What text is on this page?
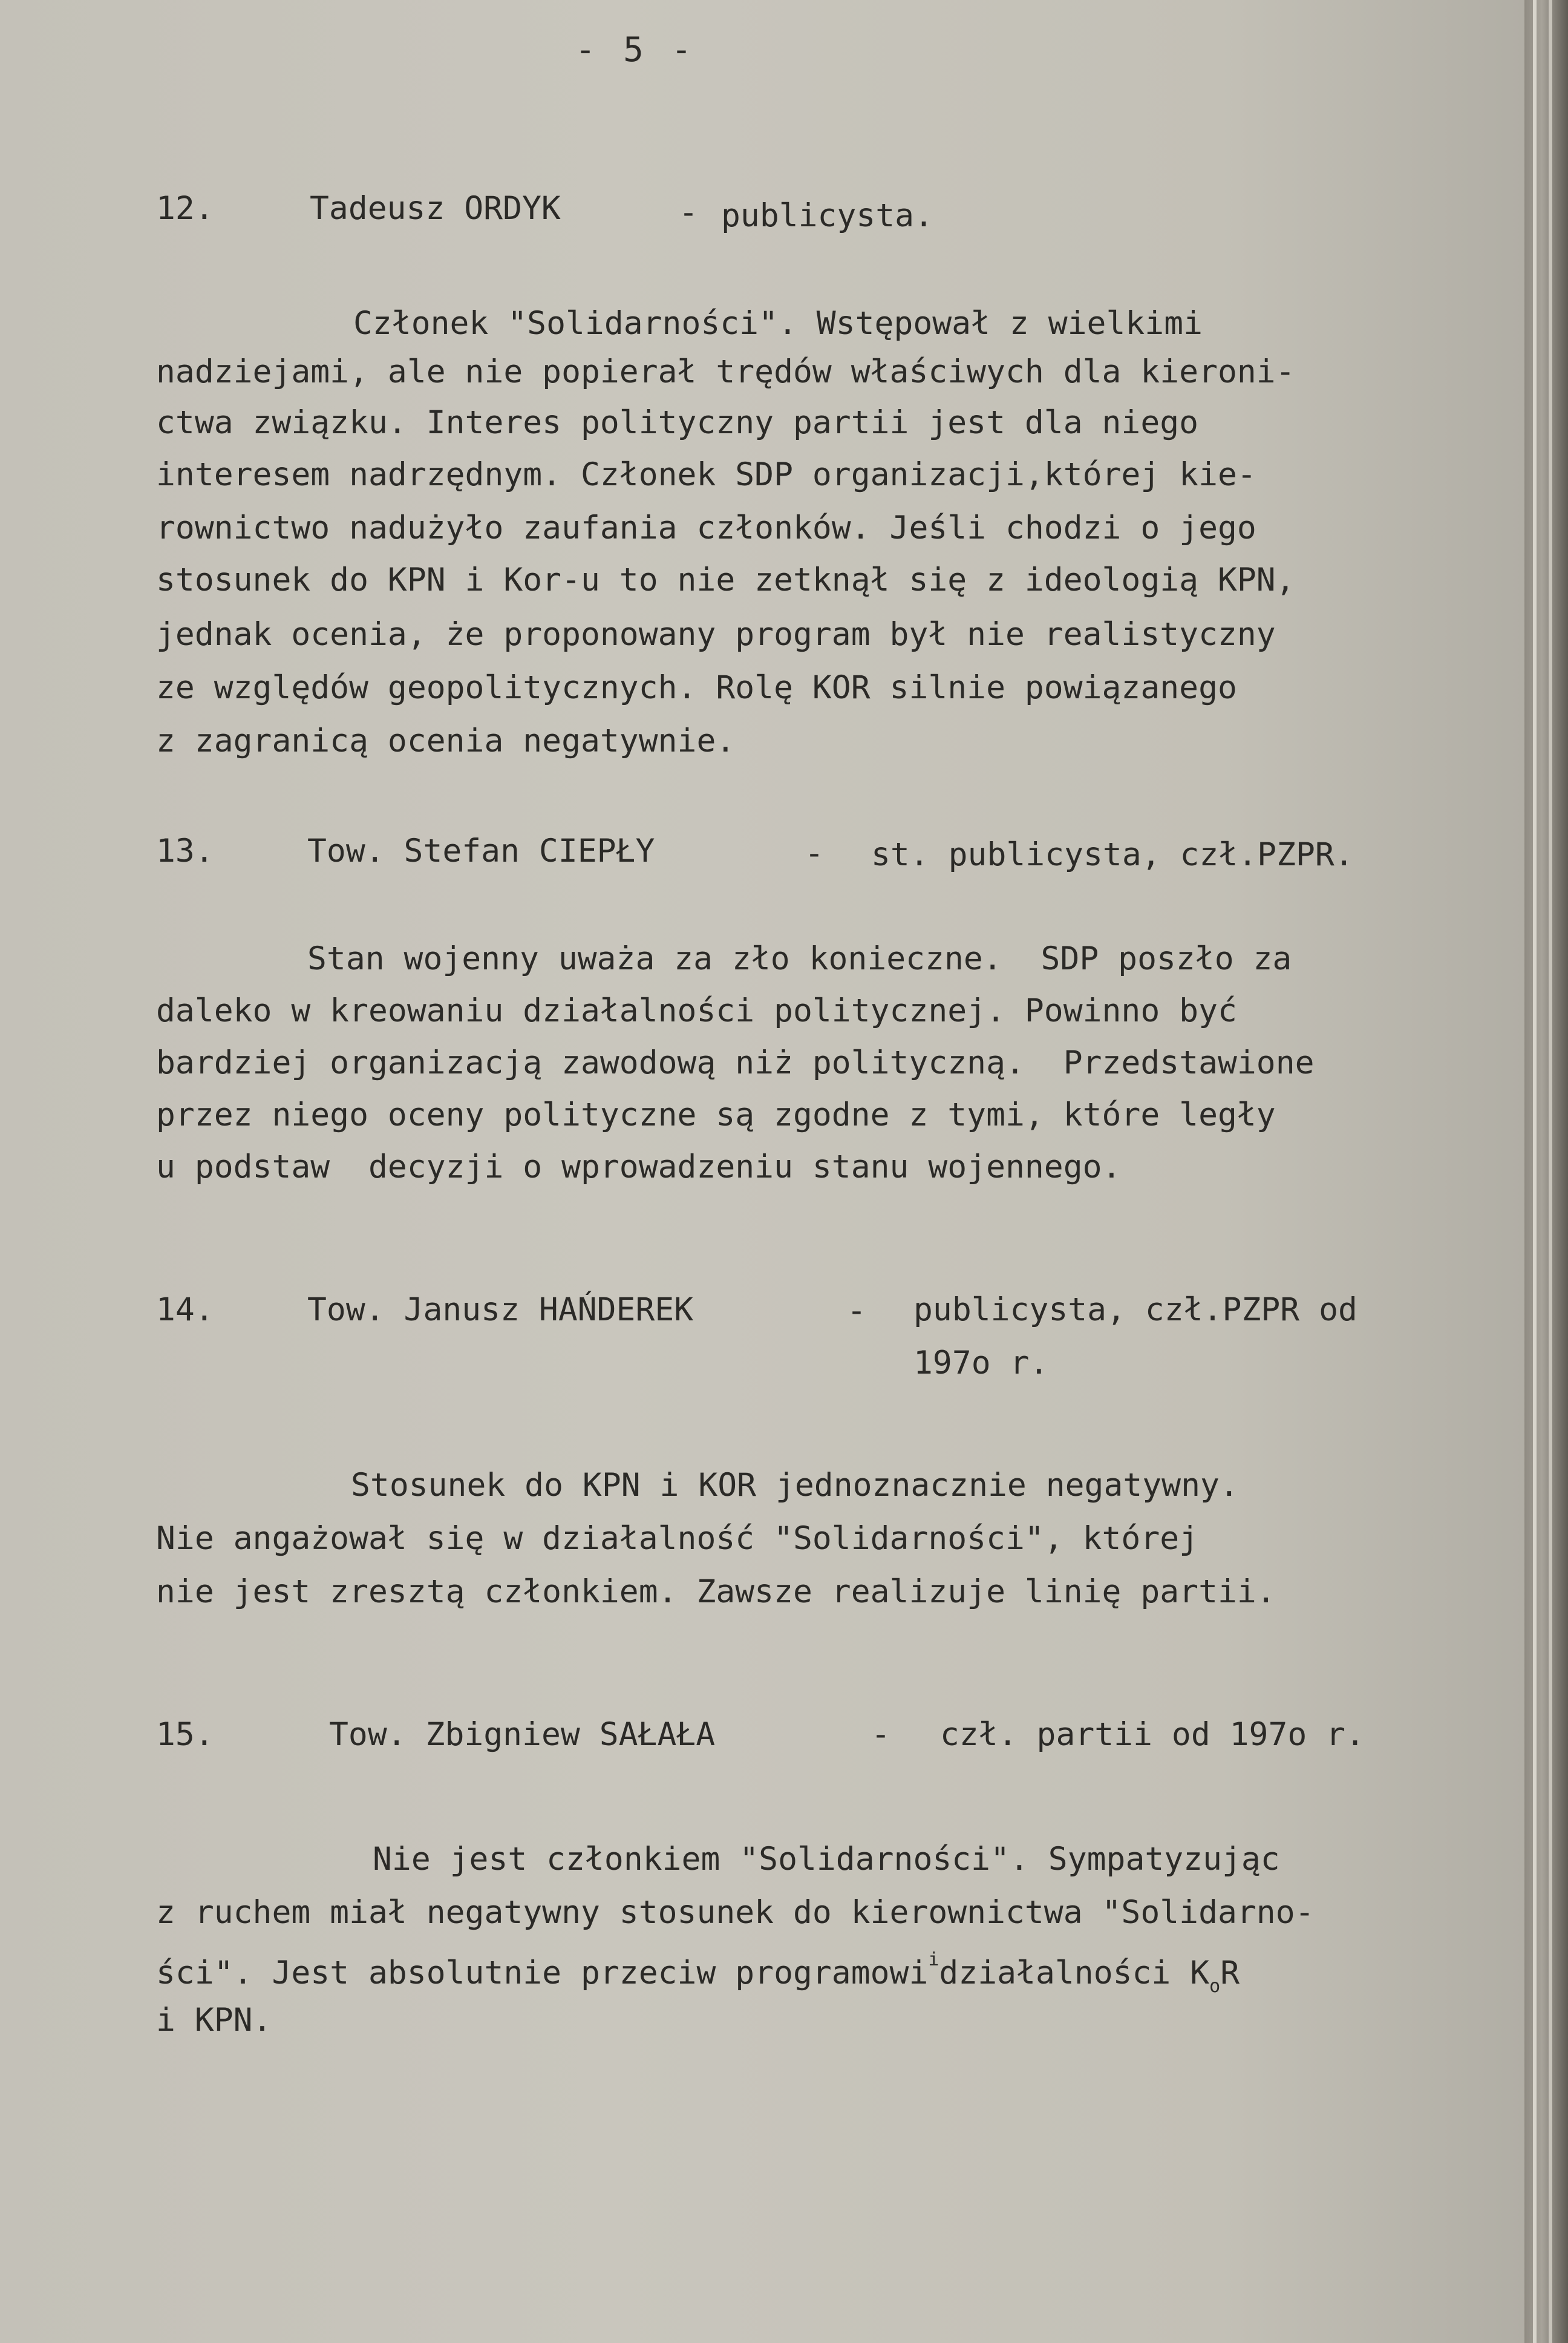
- 5 -
12.	Tadeusz ORDYK	- publicysta.
Członek "Solidarności". Wstępował z wielkimi
nadziejami, ale nie popierał trędów właściwych dla kieroni-
ctwa związku. Interes polityczny partii jest dla niego
interesem nadrzędnym. Członek SDP organizacji,której kie-
rownictwo nadużyło zaufania członków. Jeśli chodzi o jego
stosunek do KPN i Kor-u to nie zetknął się z ideologią KPN,
jednak ocenia, że proponowany program był nie realistyczny
ze względów geopolitycznych. Rolę KOR silnie powiązanego
z zagranicą ocenia negatywnie.
13.	Tow. Stefan CIEPŁY	- st. publicysta, czł.PZPR.
Stan wojenny uważa za zło konieczne.  SDP poszło za
daleko w kreowaniu działalności politycznej. Powinno być
bardziej organizacją zawodową niż polityczną.  Przedstawione
przez niego oceny polityczne są zgodne z tymi, które legły
u podstaw  decyzji o wprowadzeniu stanu wojennego.
14.	Tow. Janusz HAŃDEREK	- publicysta, czł.PZPR od
197o r.
Stosunek do KPN i KOR jednoznacznie negatywny.
Nie angażował się w działalność "Solidarności", której
nie jest zresztą członkiem. Zawsze realizuje linię partii.
15.	Tow. Zbigniew SAŁAŁA	- czł. partii od 197o r.
Nie jest członkiem "Solidarności". Sympatyzując
z ruchem miał negatywny stosunek do kierownictwa "Solidarno-
ści". Jest absolutnie przeciw programowi$^i$działalności $K_oR$
i KPN.
